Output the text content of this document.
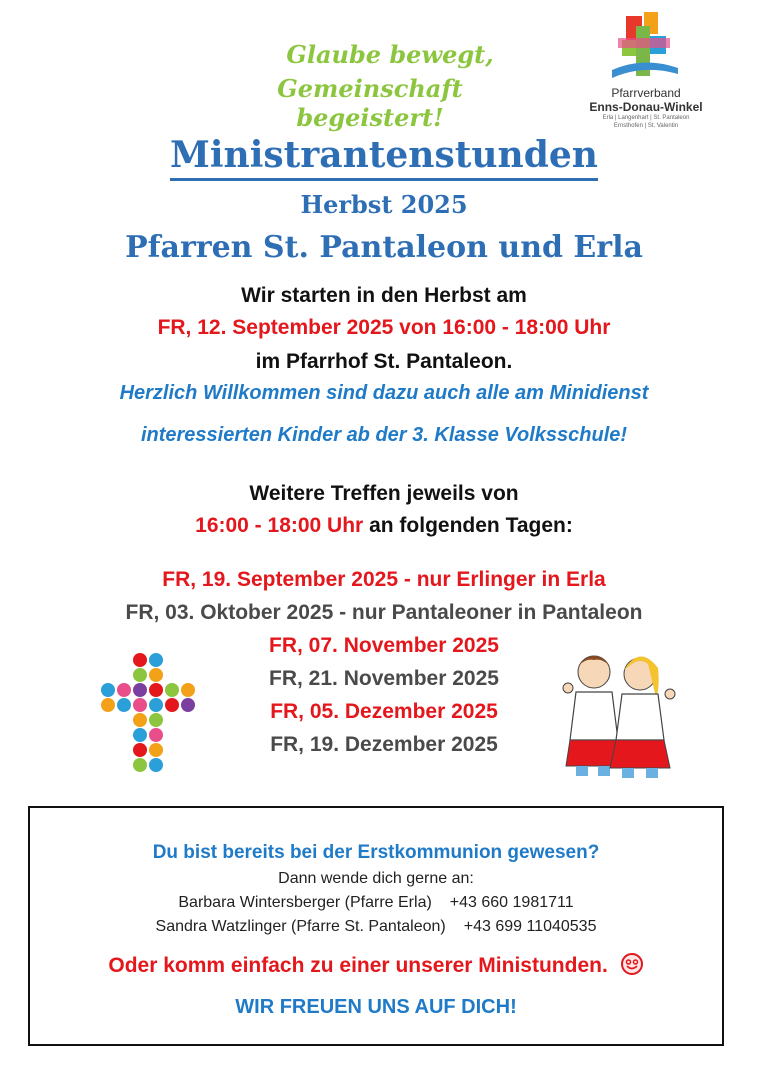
Glaube bewegt,
Gemeinschaft begeistert!
Pfarrverband
Enns-Donau-Winkel
Erla | Langenhart | St. Pantaleon
Ernsthofen | St. Valentin
Ministrantenstunden
Herbst 2025
Pfarren St. Pantaleon und Erla
Wir starten in den Herbst am
FR, 12. September 2025 von 16:00 - 18:00 Uhr
im Pfarrhof St. Pantaleon.
Herzlich Willkommen sind dazu auch alle am Minidienst
interessierten Kinder ab der 3. Klasse Volksschule!
Weitere Treffen jeweils von
16:00 - 18:00 Uhr an folgenden Tagen:
FR, 19. September 2025 - nur Erlinger in Erla
FR, 03. Oktober 2025 - nur Pantaleoner in Pantaleon
FR, 07. November 2025
FR, 21. November 2025
FR, 05. Dezember 2025
FR, 19. Dezember 2025
Du bist bereits bei der Erstkommunion gewesen?
Dann wende dich gerne an:
Barbara Wintersberger (Pfarre Erla) +43 660 1981711
Sandra Watzlinger (Pfarre St. Pantaleon) +43 699 11040535
Oder komm einfach zu einer unserer Ministunden.
WIR FREUEN UNS AUF DICH!
